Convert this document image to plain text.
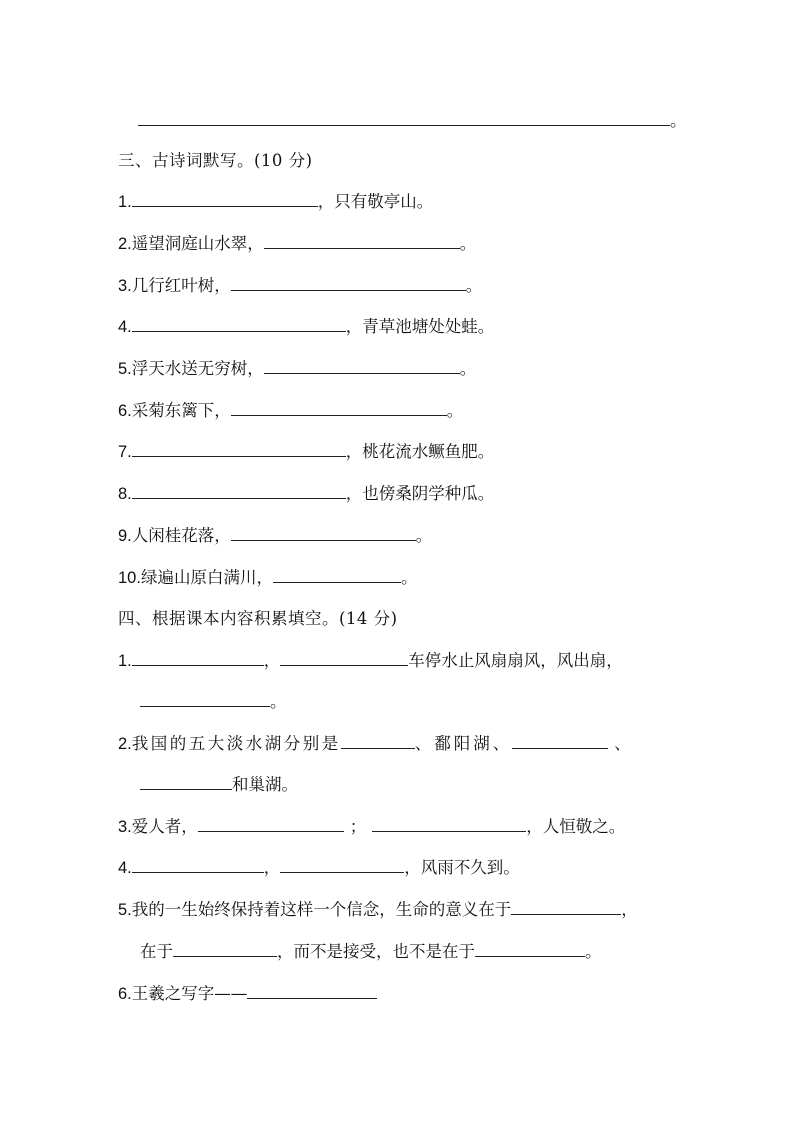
。
三、古诗词默写。(10 分)
1.	，只有敬亭山。
2.遥望洞庭山水翠，	。
3.几行红叶树，	。
4.	，青草池塘处处蛙。
5.浮天水送无穷树，	。
6.采菊东篱下，	。
7.	，桃花流水鳜鱼肥。
8.	，也傍桑阴学种瓜。
9.人闲桂花落，	。
10.绿遍山原白满川，	。
四、根据课本内容积累填空。(14 分)
1.	，	车停水止风扇扇风，风出扇，
。
2.我国的五大淡水湖分别是	、鄱阳湖、	、
和巢湖。
3.爱人者，	；	，人恒敬之。
4.	，	，风雨不久到。
5.我的一生始终保持着这样一个信念，生命的意义在于	，
在于	，而不是接受，也不是在于	。
6.王羲之写字——
